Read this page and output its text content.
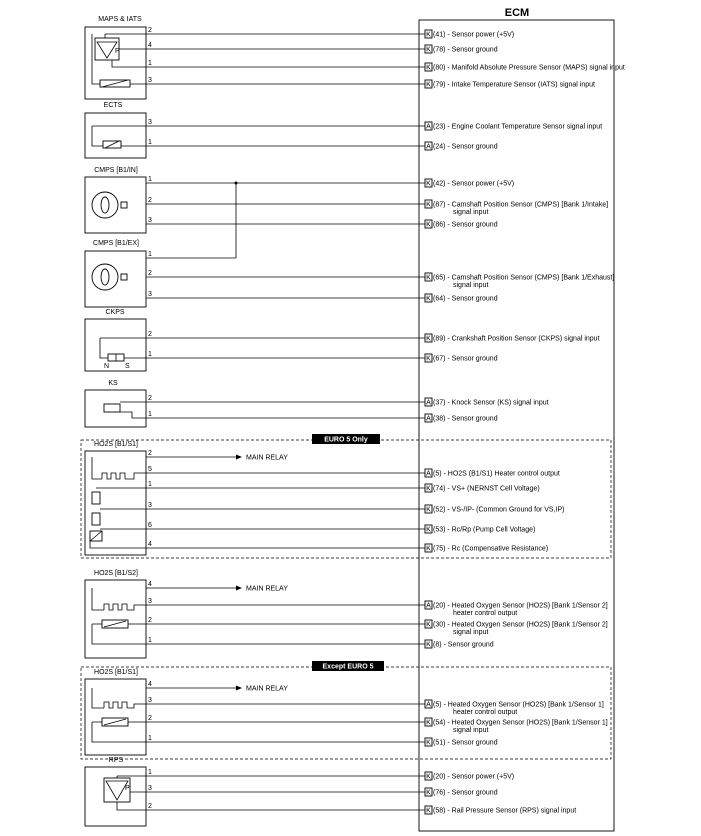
ECM
EURO 5 Only
Except EURO 5
MAPS & IATS
2
4
1
3
K (41) - Sensor power (+5V)
K (78) - Sensor ground
K (80) - Manifold Absolute Pressure Sensor (MAPS) signal input
K (79) - Intake Temperature Sensor (IATS) signal input
ECTS
3
1
A (23) - Engine Coolant Temperature Sensor signal input
A (24) - Sensor ground
CMPS [B1/IN]
1
2
3
K (42) - Sensor power (+5V)
K (87) - Camshaft Position Sensor (CMPS) [Bank 1/Intake]
signal input
K (86) - Sensor ground
CMPS [B1/EX]
1
2
3
K (65) - Camshaft Position Sensor (CMPS) [Bank 1/Exhaust]
signal input
K (64) - Sensor ground
CKPS
2
1
K (89) - Crankshaft Position Sensor (CKPS) signal input
K (67) - Sensor ground
KS
2
1
A (37) - Knock Sensor (KS) signal input
A (38) - Sensor ground
HO2S [B1/S1]
2
5
1
3
6
4
A (5) - HO2S (B1/S1) Heater control output
K (74) - VS+ (NERNST Cell Voltage)
K (52) - VS-/IP- (Common Ground for VS,IP)
K (53) - Rc/Rp (Pump Cell Voltage)
K (75) - Rc (Compensative Resistance)
HO2S [B1/S2]
4
3
2
1
A (20) - Heated Oxygen Sensor (HO2S) [Bank 1/Sensor 2]
heater control output
K (30) - Heated Oxygen Sensor (HO2S) [Bank 1/Sensor 2]
signal input
K (8) - Sensor ground
HO2S [B1/S1]
4
3
2
1
A (5) - Heated Oxygen Sensor (HO2S) [Bank 1/Sensor 1]
heater control output
K (54) - Heated Oxygen Sensor (HO2S) [Bank 1/Sensor 1]
signal input
K (51) - Sensor ground
RPS
1
3
2
K (20) - Sensor power (+5V)
K (76) - Sensor ground
K (58) - Rail Pressure Sensor (RPS) signal input
MAIN RELAY
MAIN RELAY
MAIN RELAY
P
N S
P
